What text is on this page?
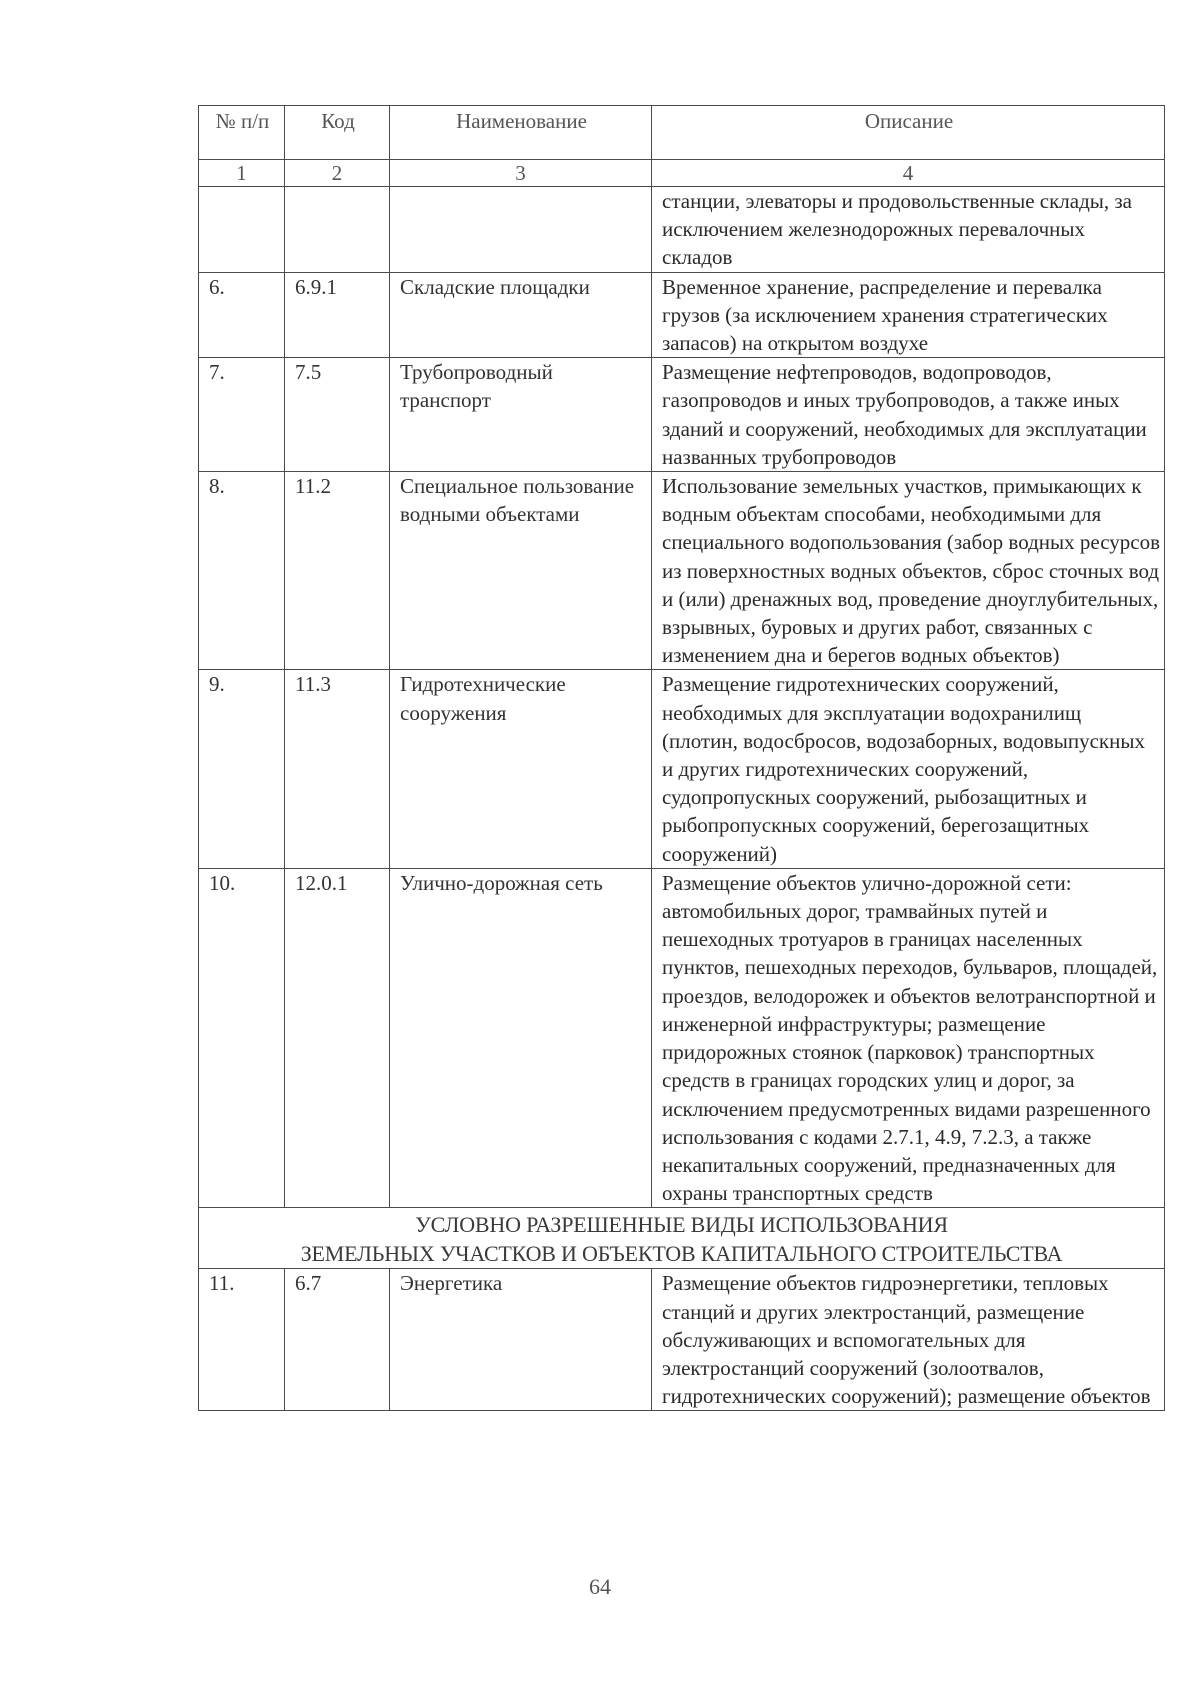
№ п/п	Код	Наименование	Описание
1	2	3	4
			станции, элеваторы и продовольственные склады, за исключением железнодорожных перевалочных складов
6.	6.9.1	Складские площадки	Временное хранение, распределение и перевалка грузов (за исключением хранения стратегических запасов) на открытом воздухе
7.	7.5	Трубопроводный транспорт	Размещение нефтепроводов, водопроводов, газопроводов и иных трубопроводов, а также иных зданий и сооружений, необходимых для эксплуатации названных трубопроводов
8.	11.2	Специальное пользование водными объектами	Использование земельных участков, примыкающих к водным объектам способами, необходимыми для специального водопользования (забор водных ресурсов из поверхностных водных объектов, сброс сточных вод и (или) дренажных вод, проведение дноуглубительных, взрывных, буровых и других работ, связанных с изменением дна и берегов водных объектов)
9.	11.3	Гидротехнические сооружения	Размещение гидротехнических сооружений, необходимых для эксплуатации водохранилищ (плотин, водосбросов, водозаборных, водовыпускных и других гидротехнических сооружений, судопропускных сооружений, рыбозащитных и рыбопропускных сооружений, берегозащитных сооружений)
10.	12.0.1	Улично-дорожная сеть	Размещение объектов улично-дорожной сети: автомобильных дорог, трамвайных путей и пешеходных тротуаров в границах населенных пунктов, пешеходных переходов, бульваров, площадей, проездов, велодорожек и объектов велотранспортной и инженерной инфраструктуры; размещение придорожных стоянок (парковок) транспортных средств в границах городских улиц и дорог, за исключением предусмотренных видами разрешенного использования с кодами 2.7.1, 4.9, 7.2.3, а также некапитальных сооружений, предназначенных для охраны транспортных средств

УСЛОВНО РАЗРЕШЕННЫЕ ВИДЫ ИСПОЛЬЗОВАНИЯ
ЗЕМЕЛЬНЫХ УЧАСТКОВ И ОБЪЕКТОВ КАПИТАЛЬНОГО СТРОИТЕЛЬСТВА			

11.	6.7	Энергетика	Размещение объектов гидроэнергетики, тепловых станций и других электростанций, размещение обслуживающих и вспомогательных для электростанций сооружений (золоотвалов, гидротехнических сооружений); размещение объектов
64
